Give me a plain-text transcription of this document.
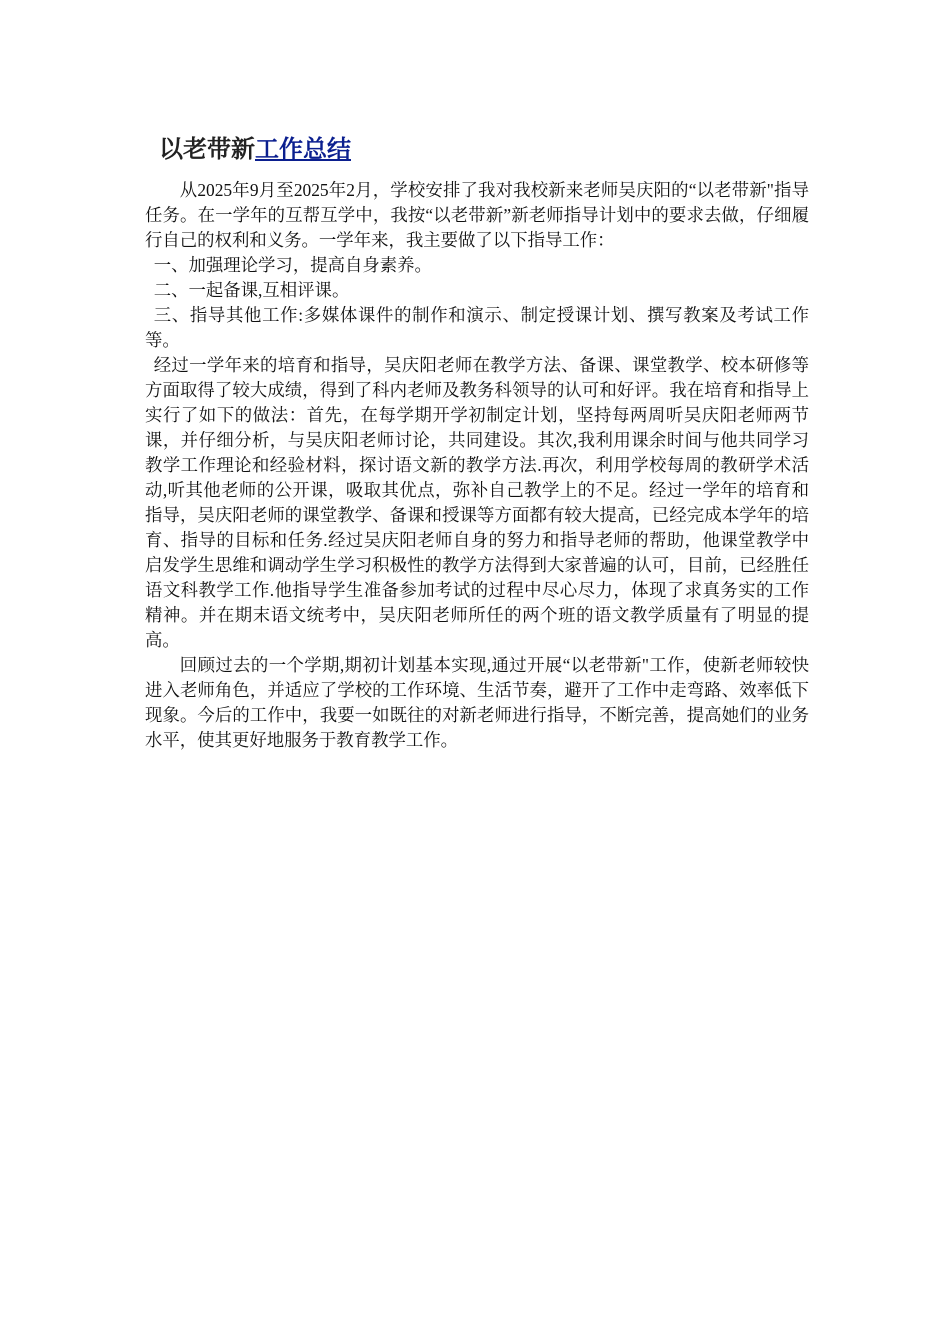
以老带新工作总结

从2025年9月至2025年2月，学校安排了我对我校新来老师吴庆阳的“以老带新"指导任务。在一学年的互帮互学中，我按“以老带新”新老师指导计划中的要求去做，仔细履行自己的权利和义务。一学年来，我主要做了以下指导工作：

一、加强理论学习，提高自身素养。

二、一起备课,互相评课。

三、指导其他工作:多媒体课件的制作和演示、制定授课计划、撰写教案及考试工作等。

经过一学年来的培育和指导，吴庆阳老师在教学方法、备课、课堂教学、校本研修等方面取得了较大成绩，得到了科内老师及教务科领导的认可和好评。我在培育和指导上实行了如下的做法：首先，在每学期开学初制定计划，坚持每两周听吴庆阳老师两节课，并仔细分析，与吴庆阳老师讨论，共同建设。其次,我利用课余时间与他共同学习教学工作理论和经验材料，探讨语文新的教学方法.再次，利用学校每周的教研学术活动,听其他老师的公开课，吸取其优点，弥补自己教学上的不足。经过一学年的培育和指导，吴庆阳老师的课堂教学、备课和授课等方面都有较大提高，已经完成本学年的培育、指导的目标和任务.经过吴庆阳老师自身的努力和指导老师的帮助，他课堂教学中启发学生思维和调动学生学习积极性的教学方法得到大家普遍的认可，目前，已经胜任语文科教学工作.他指导学生准备参加考试的过程中尽心尽力，体现了求真务实的工作精神。并在期末语文统考中，吴庆阳老师所任的两个班的语文教学质量有了明显的提高。

回顾过去的一个学期,期初计划基本实现,通过开展“以老带新"工作，使新老师较快进入老师角色，并适应了学校的工作环境、生活节奏，避开了工作中走弯路、效率低下现象。今后的工作中，我要一如既往的对新老师进行指导，不断完善，提高她们的业务水平，使其更好地服务于教育教学工作。
